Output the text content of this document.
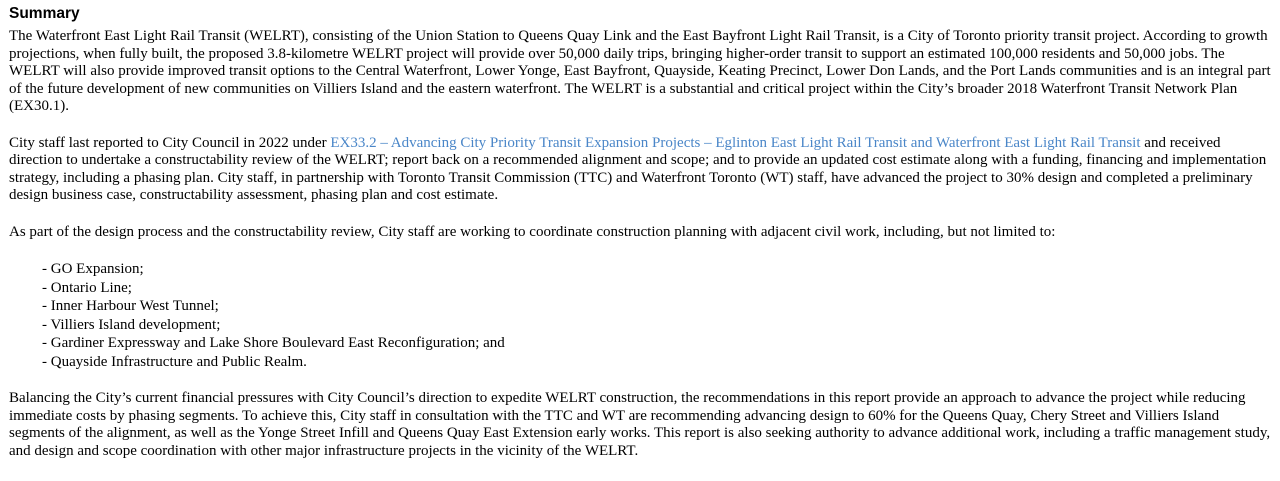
Summary

The Waterfront East Light Rail Transit (WELRT), consisting of the Union Station to Queens Quay Link and the East Bayfront Light Rail Transit, is a City of Toronto priority transit project. According to growth projections, when fully built, the proposed 3.8-kilometre WELRT project will provide over 50,000 daily trips, bringing higher-order transit to support an estimated 100,000 residents and 50,000 jobs. The WELRT will also provide improved transit options to the Central Waterfront, Lower Yonge, East Bayfront, Quayside, Keating Precinct, Lower Don Lands, and the Port Lands communities and is an integral part of the future development of new communities on Villiers Island and the eastern waterfront. The WELRT is a substantial and critical project within the City’s broader 2018 Waterfront Transit Network Plan (EX30.1).

City staff last reported to City Council in 2022 under EX33.2 – Advancing City Priority Transit Expansion Projects – Eglinton East Light Rail Transit and Waterfront East Light Rail Transit and received direction to undertake a constructability review of the WELRT; report back on a recommended alignment and scope; and to provide an updated cost estimate along with a funding, financing and implementation strategy, including a phasing plan. City staff, in partnership with Toronto Transit Commission (TTC) and Waterfront Toronto (WT) staff, have advanced the project to 30% design and completed a preliminary design business case, constructability assessment, phasing plan and cost estimate.

As part of the design process and the constructability review, City staff are working to coordinate construction planning with adjacent civil work, including, but not limited to:

- GO Expansion;
- Ontario Line;
- Inner Harbour West Tunnel;
- Villiers Island development;
- Gardiner Expressway and Lake Shore Boulevard East Reconfiguration; and
- Quayside Infrastructure and Public Realm.

Balancing the City’s current financial pressures with City Council’s direction to expedite WELRT construction, the recommendations in this report provide an approach to advance the project while reducing immediate costs by phasing segments. To achieve this, City staff in consultation with the TTC and WT are recommending advancing design to 60% for the Queens Quay, Chery Street and Villiers Island segments of the alignment, as well as the Yonge Street Infill and Queens Quay East Extension early works. This report is also seeking authority to advance additional work, including a traffic management study, and design and scope coordination with other major infrastructure projects in the vicinity of the WELRT.
